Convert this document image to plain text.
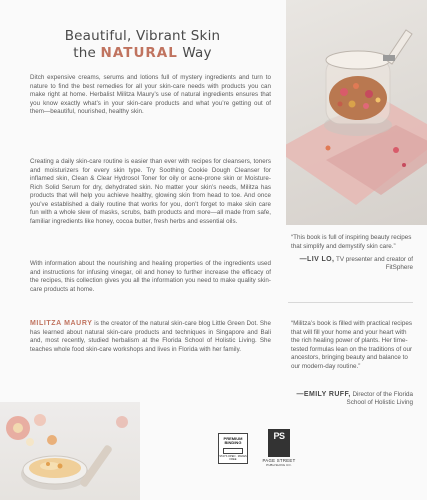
Beautiful, Vibrant Skin
the NATURAL Way

Ditch expensive creams, serums and lotions full of mystery ingredients and turn to nature to find the best remedies for all your skin-care needs with products you can make right at home. Herbalist Militza Maury’s use of natural ingredients ensures that you know exactly what’s in your skin-care products and what you’re getting out of them—beautiful, nourished, healthy skin.

Creating a daily skin-care routine is easier than ever with recipes for cleansers, toners and moisturizers for every skin type. Try Soothing Cookie Dough Cleanser for inflamed skin, Clean & Clear Hydrosol Toner for oily or acne-prone skin or Moisture-Rich Solid Serum for dry, dehydrated skin. No matter your skin’s needs, Militza has products that will help you achieve healthy, glowing skin from head to toe. And once you’ve established a daily routine that works for you, don’t forget to make skin care fun with a whole slew of masks, scrubs, bath products and more—all made from safe, familiar ingredients like honey, cocoa butter, fresh herbs and essential oils.

With information about the nourishing and healing properties of the ingredients used and instructions for infusing vinegar, oil and honey to further increase the efficacy of the recipes, this collection gives you all the information you need to make quality skin-care products at home.

MILITZA MAURY is the creator of the natural skin-care blog Little Green Dot. She has learned about natural skin-care products and techniques in Singapore and Bali and, most recently, studied herbalism at the Florida School of Holistic Living. She teaches whole food skin-care workshops and lives in Florida with her family.

“This book is full of inspiring beauty recipes that simplify and demystify skin care.”

—LIV LO, TV presenter and creator of FitSphere

“Militza’s book is filled with practical recipes that will fill your home and your heart with the rich healing power of plants. Her time-tested formulas lean on the traditions of our ancestors, bringing beauty and balance to our modern-day routine.”

—EMILY RUFF, Director of the Florida School of Holistic Living

PREMIUM BINDING
STAYS OPEN · MAKES FREE
PS
PAGE STREET
PUBLISHING CO.
